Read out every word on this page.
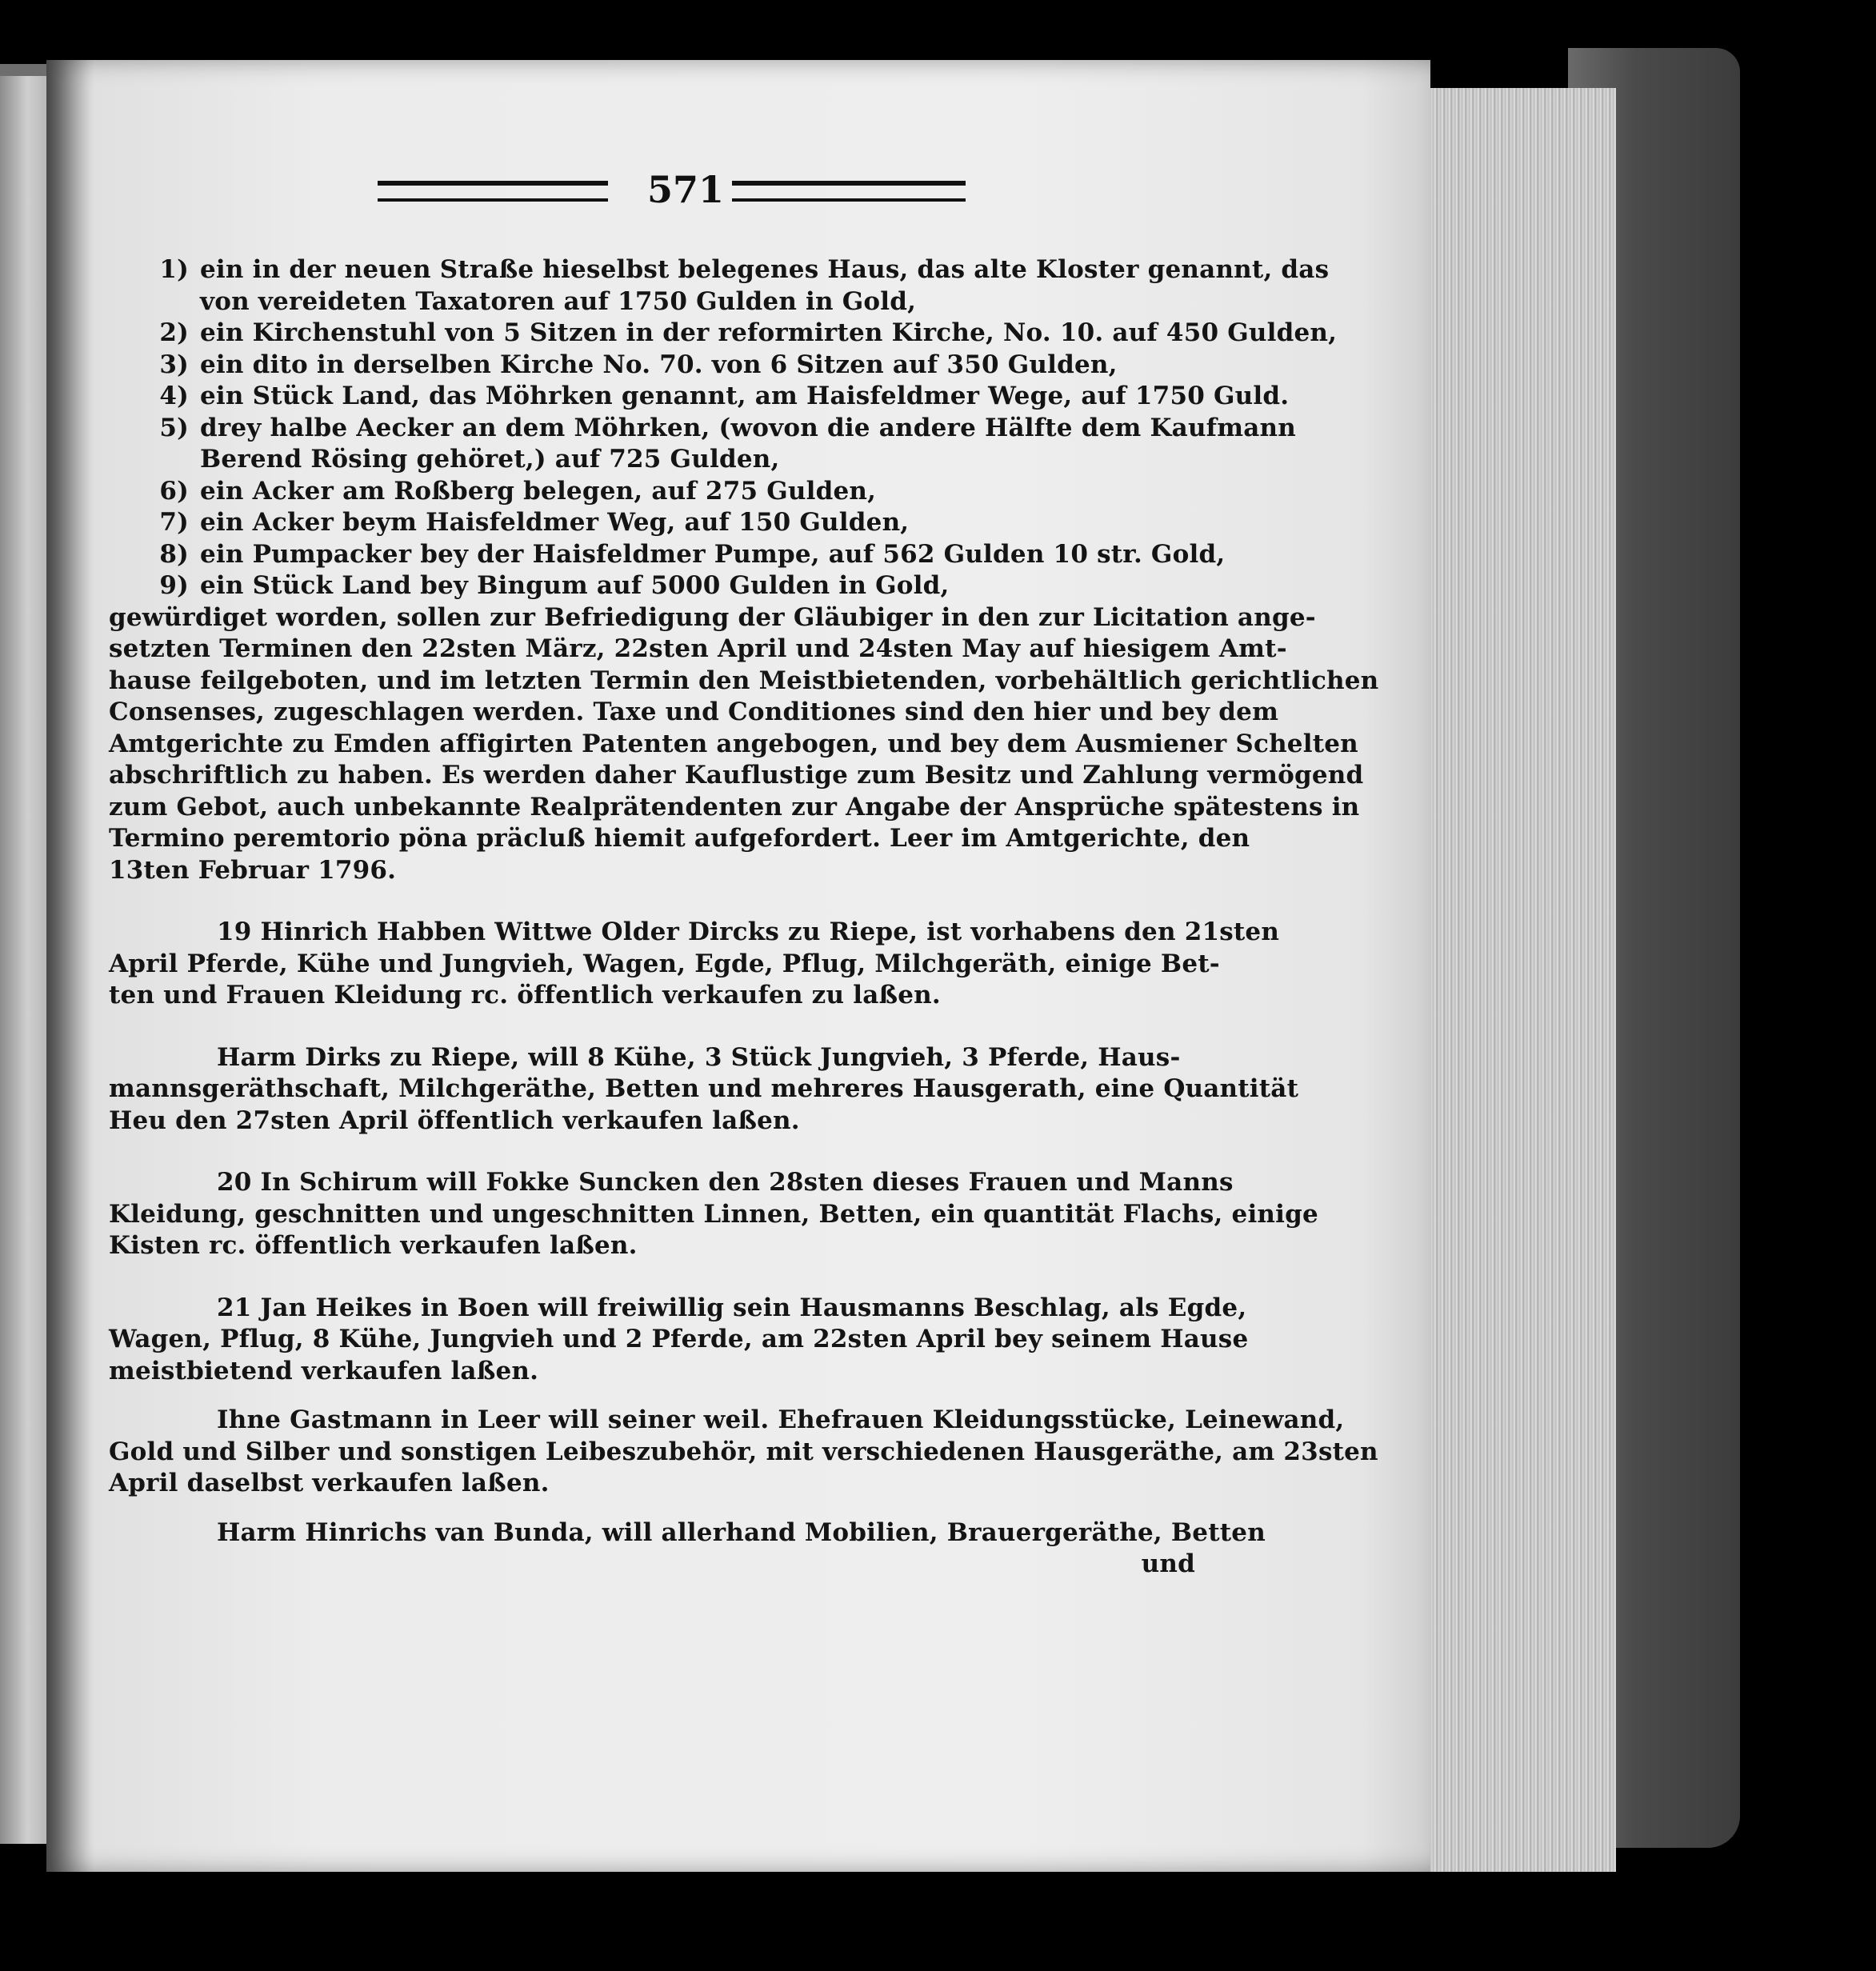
571
1) ein in der neuen Straße hieselbst belegenes Haus, das alte Kloster genannt, das
von vereideten Taxatoren auf 1750 Gulden in Gold,
2) ein Kirchenstuhl von 5 Sitzen in der reformirten Kirche, No. 10. auf 450 Gulden,
3) ein dito in derselben Kirche No. 70. von 6 Sitzen auf 350 Gulden,
4) ein Stück Land, das Möhrken genannt, am Haisfeldmer Wege, auf 1750 Guld.
5) drey halbe Aecker an dem Möhrken, (wovon die andere Hälfte dem Kaufmann
Berend Rösing gehöret,) auf 725 Gulden,
6) ein Acker am Roßberg belegen, auf 275 Gulden,
7) ein Acker beym Haisfeldmer Weg, auf 150 Gulden,
8) ein Pumpacker bey der Haisfeldmer Pumpe, auf 562 Gulden 10 str. Gold,
9) ein Stück Land bey Bingum auf 5000 Gulden in Gold,
gewürdiget worden, sollen zur Befriedigung der Gläubiger in den zur Licitation ange-
setzten Terminen den 22sten März, 22sten April und 24sten May auf hiesigem Amt-
hause feilgeboten, und im letzten Termin den Meistbietenden, vorbehältlich gerichtlichen
Consenses, zugeschlagen werden. Taxe und Conditiones sind den hier und bey dem
Amtgerichte zu Emden affigirten Patenten angebogen, und bey dem Ausmiener Schelten
abschriftlich zu haben. Es werden daher Kauflustige zum Besitz und Zahlung vermögend
zum Gebot, auch unbekannte Realprätendenten zur Angabe der Ansprüche spätestens in
Termino peremtorio pöna präcluß hiemit aufgefordert. Leer im Amtgerichte, den
13ten Februar 1796.
19 Hinrich Habben Wittwe Older Dircks zu Riepe, ist vorhabens den 21sten
April Pferde, Kühe und Jungvieh, Wagen, Egde, Pflug, Milchgeräth, einige Bet-
ten und Frauen Kleidung rc. öffentlich verkaufen zu laßen.
Harm Dirks zu Riepe, will 8 Kühe, 3 Stück Jungvieh, 3 Pferde, Haus-
mannsgeräthschaft, Milchgeräthe, Betten und mehreres Hausgerath, eine Quantität
Heu den 27sten April öffentlich verkaufen laßen.
20 In Schirum will Fokke Suncken den 28sten dieses Frauen und Manns
Kleidung, geschnitten und ungeschnitten Linnen, Betten, ein quantität Flachs, einige
Kisten rc. öffentlich verkaufen laßen.
21 Jan Heikes in Boen will freiwillig sein Hausmanns Beschlag, als Egde,
Wagen, Pflug, 8 Kühe, Jungvieh und 2 Pferde, am 22sten April bey seinem Hause
meistbietend verkaufen laßen.
Ihne Gastmann in Leer will seiner weil. Ehefrauen Kleidungsstücke, Leinewand,
Gold und Silber und sonstigen Leibeszubehör, mit verschiedenen Hausgeräthe, am 23sten
April daselbst verkaufen laßen.
Harm Hinrichs van Bunda, will allerhand Mobilien, Brauergeräthe, Betten
und
